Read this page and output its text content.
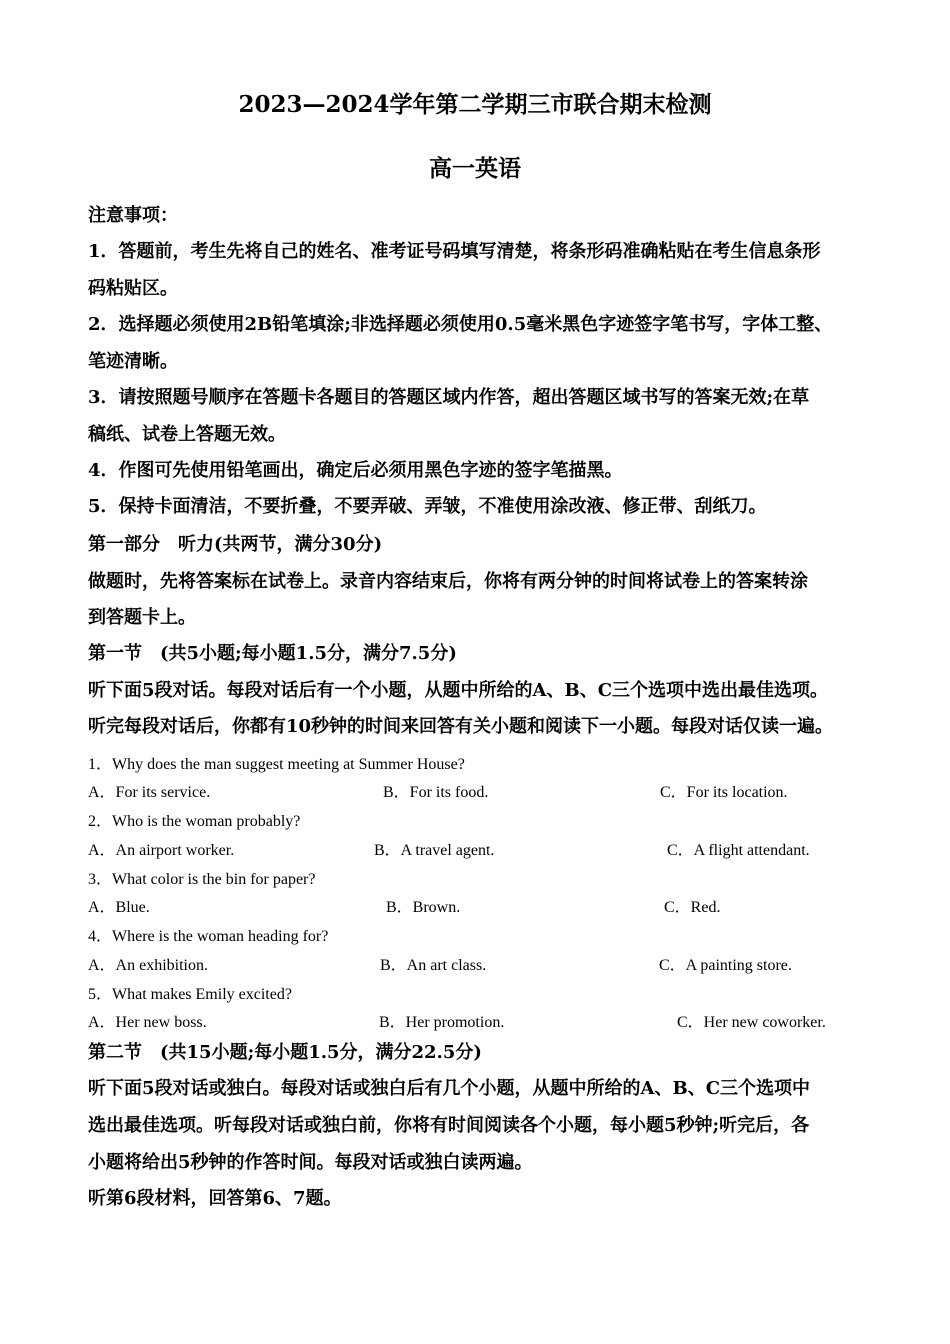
2023—2024学年第二学期三市联合期末检测
高一英语
注意事项：
1．答题前，考生先将自己的姓名、准考证号码填写清楚，将条形码准确粘贴在考生信息条形
码粘贴区。
2．选择题必须使用2B铅笔填涂;非选择题必须使用0.5毫米黑色字迹签字笔书写，字体工整、
笔迹清晰。
3．请按照题号顺序在答题卡各题目的答题区域内作答，超出答题区域书写的答案无效;在草
稿纸、试卷上答题无效。
4．作图可先使用铅笔画出，确定后必须用黑色字迹的签字笔描黑。
5．保持卡面清洁，不要折叠，不要弄破、弄皱，不准使用涂改液、修正带、刮纸刀。
第一部分　听力(共两节，满分30分)
做题时，先将答案标在试卷上。录音内容结束后，你将有两分钟的时间将试卷上的答案转涂
到答题卡上。
第一节　(共5小题;每小题1.5分，满分7.5分)
听下面5段对话。每段对话后有一个小题，从题中所给的A、B、C三个选项中选出最佳选项。
听完每段对话后，你都有10秒钟的时间来回答有关小题和阅读下一小题。每段对话仅读一遍。
1．Why does the man suggest meeting at Summer House?
A．For its service.	B．For its food.	C．For its location.
2．Who is the woman probably?
A．An airport worker.	B．A travel agent.	C．A flight attendant.
3．What color is the bin for paper?
A．Blue.	B．Brown.	C．Red.
4．Where is the woman heading for?
A．An exhibition.	B．An art class.	C．A painting store.
5．What makes Emily excited?
A．Her new boss.	B．Her promotion.	C．Her new coworker.
第二节　(共15小题;每小题1.5分，满分22.5分)
听下面5段对话或独白。每段对话或独白后有几个小题，从题中所给的A、B、C三个选项中
选出最佳选项。听每段对话或独白前，你将有时间阅读各个小题，每小题5秒钟;听完后，各
小题将给出5秒钟的作答时间。每段对话或独白读两遍。
听第6段材料，回答第6、7题。
